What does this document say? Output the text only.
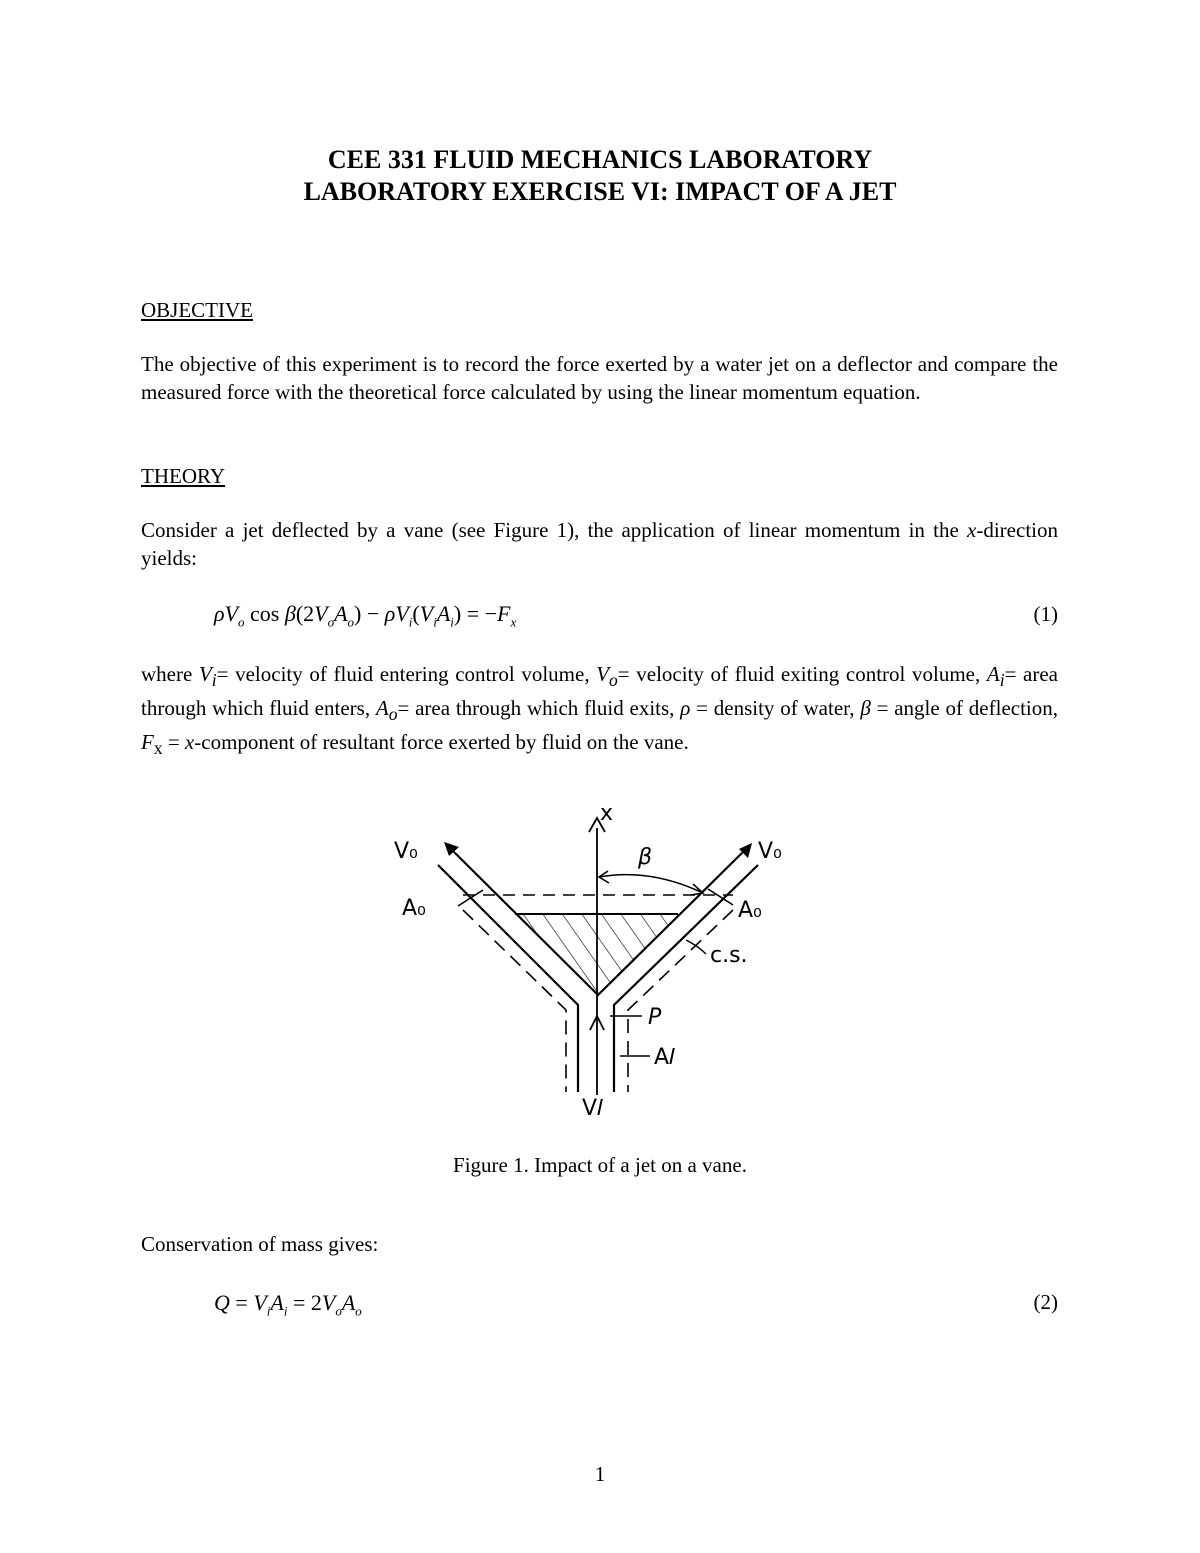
CEE 331 FLUID MECHANICS LABORATORY
LABORATORY EXERCISE VI: IMPACT OF A JET
OBJECTIVE
The objective of this experiment is to record the force exerted by a water jet on a deflector and compare the measured force with the theoretical force calculated by using the linear momentum equation.
THEORY
Consider a jet deflected by a vane (see Figure 1), the application of linear momentum in the x-direction yields:
$\rho V_o$ $\cos \beta(2V_oA_o) - \rho V_i(V_iA_i) = -F_x$	(1)
where $V_i=$ velocity of fluid entering control volume, $V_o=$ velocity of fluid exiting control volume, $A_i=$ area through which fluid enters, $A_o=$ area through which fluid exits, ρ = density of water, β = angle of deflection, $F_x$ = x-component of resultant force exerted by fluid on the vane.
x
β
V₀	V₀
A₀	A₀
c.s.
P
A𝐼
V𝐼
Figure 1. Impact of a jet on a vane.
Conservation of mass gives:
$Q = V_iA_i = 2V_oA_o$	(2)
1
